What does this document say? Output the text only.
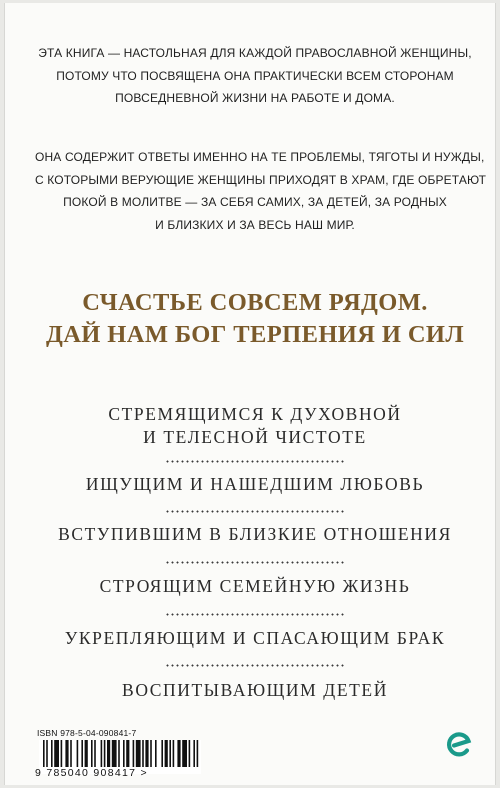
ЭТА КНИГА — НАСТОЛЬНАЯ ДЛЯ КАЖДОЙ ПРАВОСЛАВНОЙ ЖЕНЩИНЫ,
ПОТОМУ ЧТО ПОСВЯЩЕНА ОНА ПРАКТИЧЕСКИ ВСЕМ СТОРОНАМ
ПОВСЕДНЕВНОЙ ЖИЗНИ НА РАБОТЕ И ДОМА.
ОНА СОДЕРЖИТ ОТВЕТЫ ИМЕННО НА ТЕ ПРОБЛЕМЫ, ТЯГОТЫ И НУЖДЫ,
С КОТОРЫМИ ВЕРУЮЩИЕ ЖЕНЩИНЫ ПРИХОДЯТ В ХРАМ, ГДЕ ОБРЕТАЮТ
ПОКОЙ В МОЛИТВЕ — ЗА СЕБЯ САМИХ, ЗА ДЕТЕЙ, ЗА РОДНЫХ
И БЛИЗКИХ И ЗА ВЕСЬ НАШ МИР.
СЧАСТЬЕ СОВСЕМ РЯДОМ.
ДАЙ НАМ БОГ ТЕРПЕНИЯ И СИЛ
СТРЕМЯЩИМСЯ К ДУХОВНОЙ
И ТЕЛЕСНОЙ ЧИСТОТЕ
ИЩУЩИМ И НАШЕДШИМ ЛЮБОВЬ
ВСТУПИВШИМ В БЛИЗКИЕ ОТНОШЕНИЯ
СТРОЯЩИМ СЕМЕЙНУЮ ЖИЗНЬ
УКРЕПЛЯЮЩИМ И СПАСАЮЩИМ БРАК
ВОСПИТЫВАЮЩИМ ДЕТЕЙ
ISBN 978-5-04-090841-7
9 785040 908417 >
